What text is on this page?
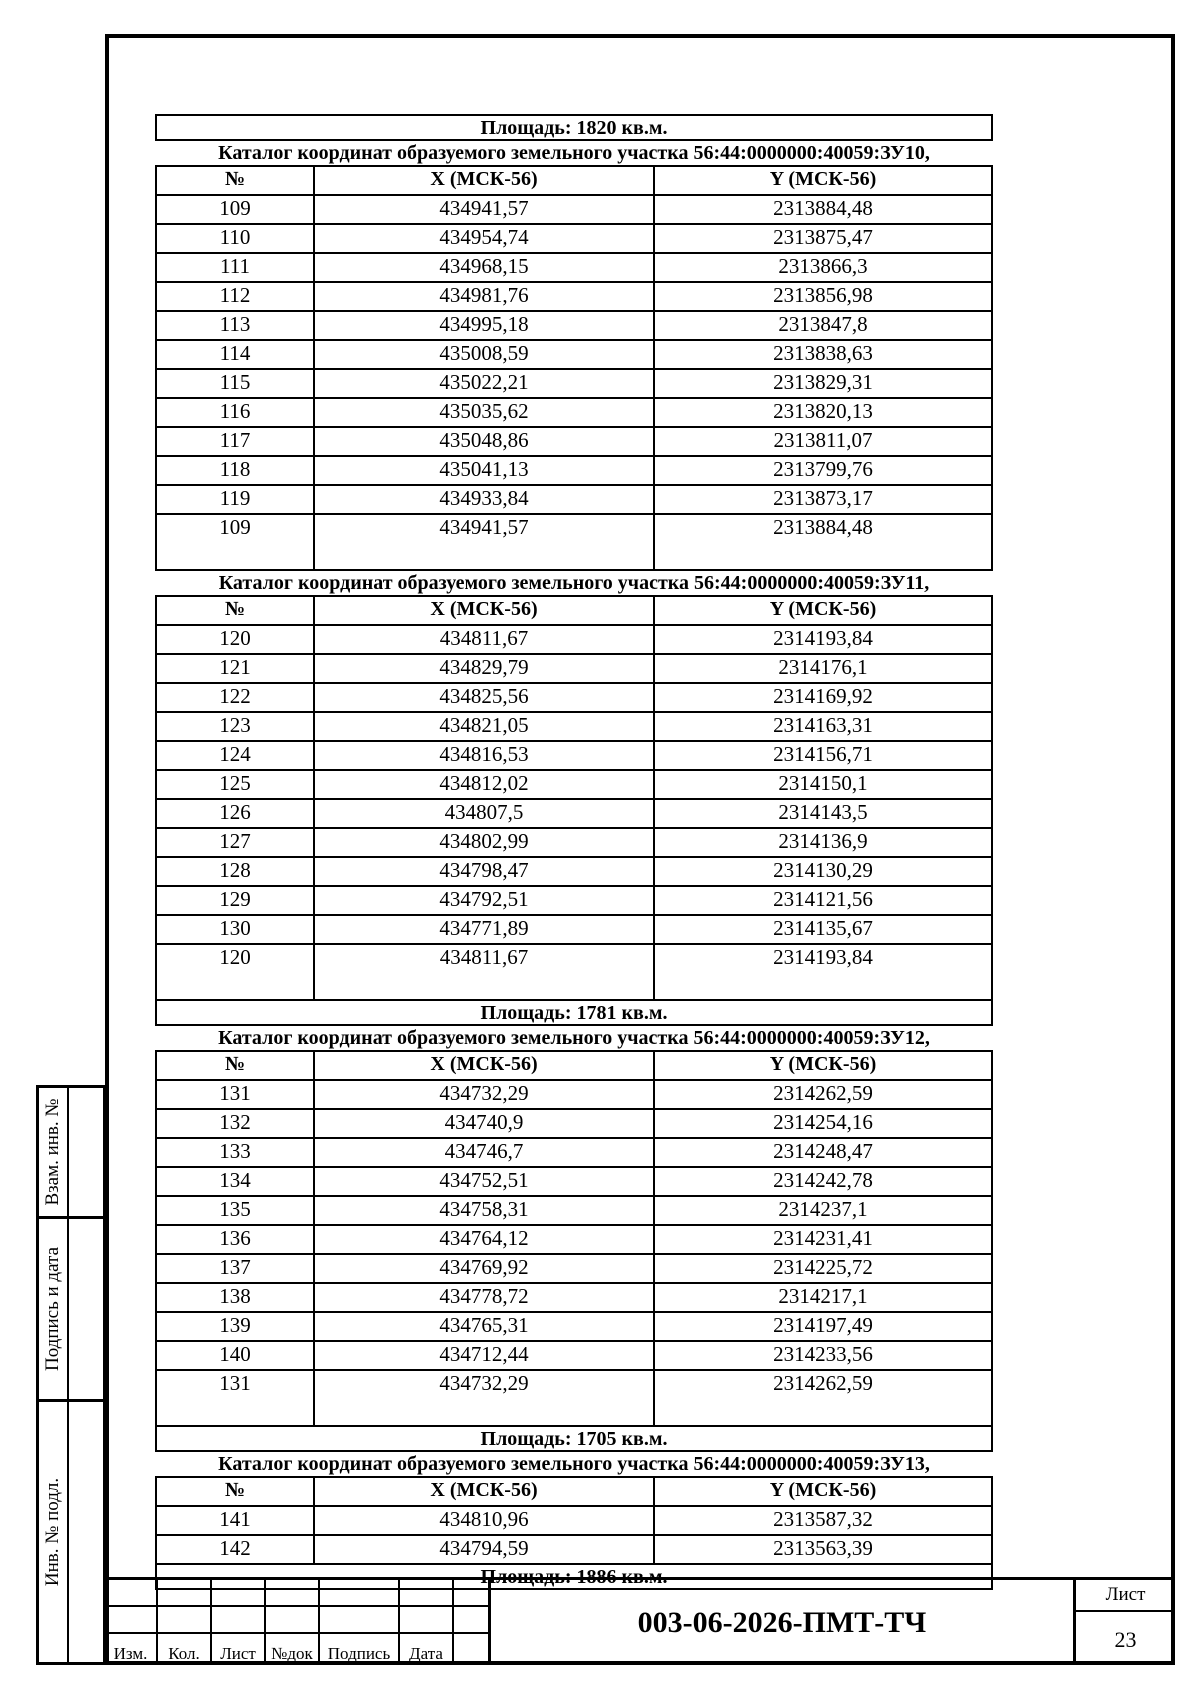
Площадь: 1820 кв.м.
Каталог координат образуемого земельного участка 56:44:0000000:40059:ЗУ10,
№	X (МСК-56)	Y (МСК-56)
109	434941,57	2313884,48
110	434954,74	2313875,47
111	434968,15	2313866,3
112	434981,76	2313856,98
113	434995,18	2313847,8
114	435008,59	2313838,63
115	435022,21	2313829,31
116	435035,62	2313820,13
117	435048,86	2313811,07
118	435041,13	2313799,76
119	434933,84	2313873,17
109	434941,57	2313884,48
Каталог координат образуемого земельного участка 56:44:0000000:40059:ЗУ11,
№	X (МСК-56)	Y (МСК-56)
120	434811,67	2314193,84
121	434829,79	2314176,1
122	434825,56	2314169,92
123	434821,05	2314163,31
124	434816,53	2314156,71
125	434812,02	2314150,1
126	434807,5	2314143,5
127	434802,99	2314136,9
128	434798,47	2314130,29
129	434792,51	2314121,56
130	434771,89	2314135,67
120	434811,67	2314193,84
Площадь: 1781 кв.м.
Каталог координат образуемого земельного участка 56:44:0000000:40059:ЗУ12,
№	X (МСК-56)	Y (МСК-56)
131	434732,29	2314262,59
132	434740,9	2314254,16
133	434746,7	2314248,47
134	434752,51	2314242,78
135	434758,31	2314237,1
136	434764,12	2314231,41
137	434769,92	2314225,72
138	434778,72	2314217,1
139	434765,31	2314197,49
140	434712,44	2314233,56
131	434732,29	2314262,59
Площадь: 1705 кв.м.
Каталог координат образуемого земельного участка 56:44:0000000:40059:ЗУ13,
№	X (МСК-56)	Y (МСК-56)
141	434810,96	2313587,32
142	434794,59	2313563,39
Площадь: 1886 кв.м.
Взам. инв. №
Подпись и дата
Инв. № подл.
Изм.	Кол.	Лист №док Подпись	Дата
003-06-2026-ПМТ-ТЧ
Лист
23
